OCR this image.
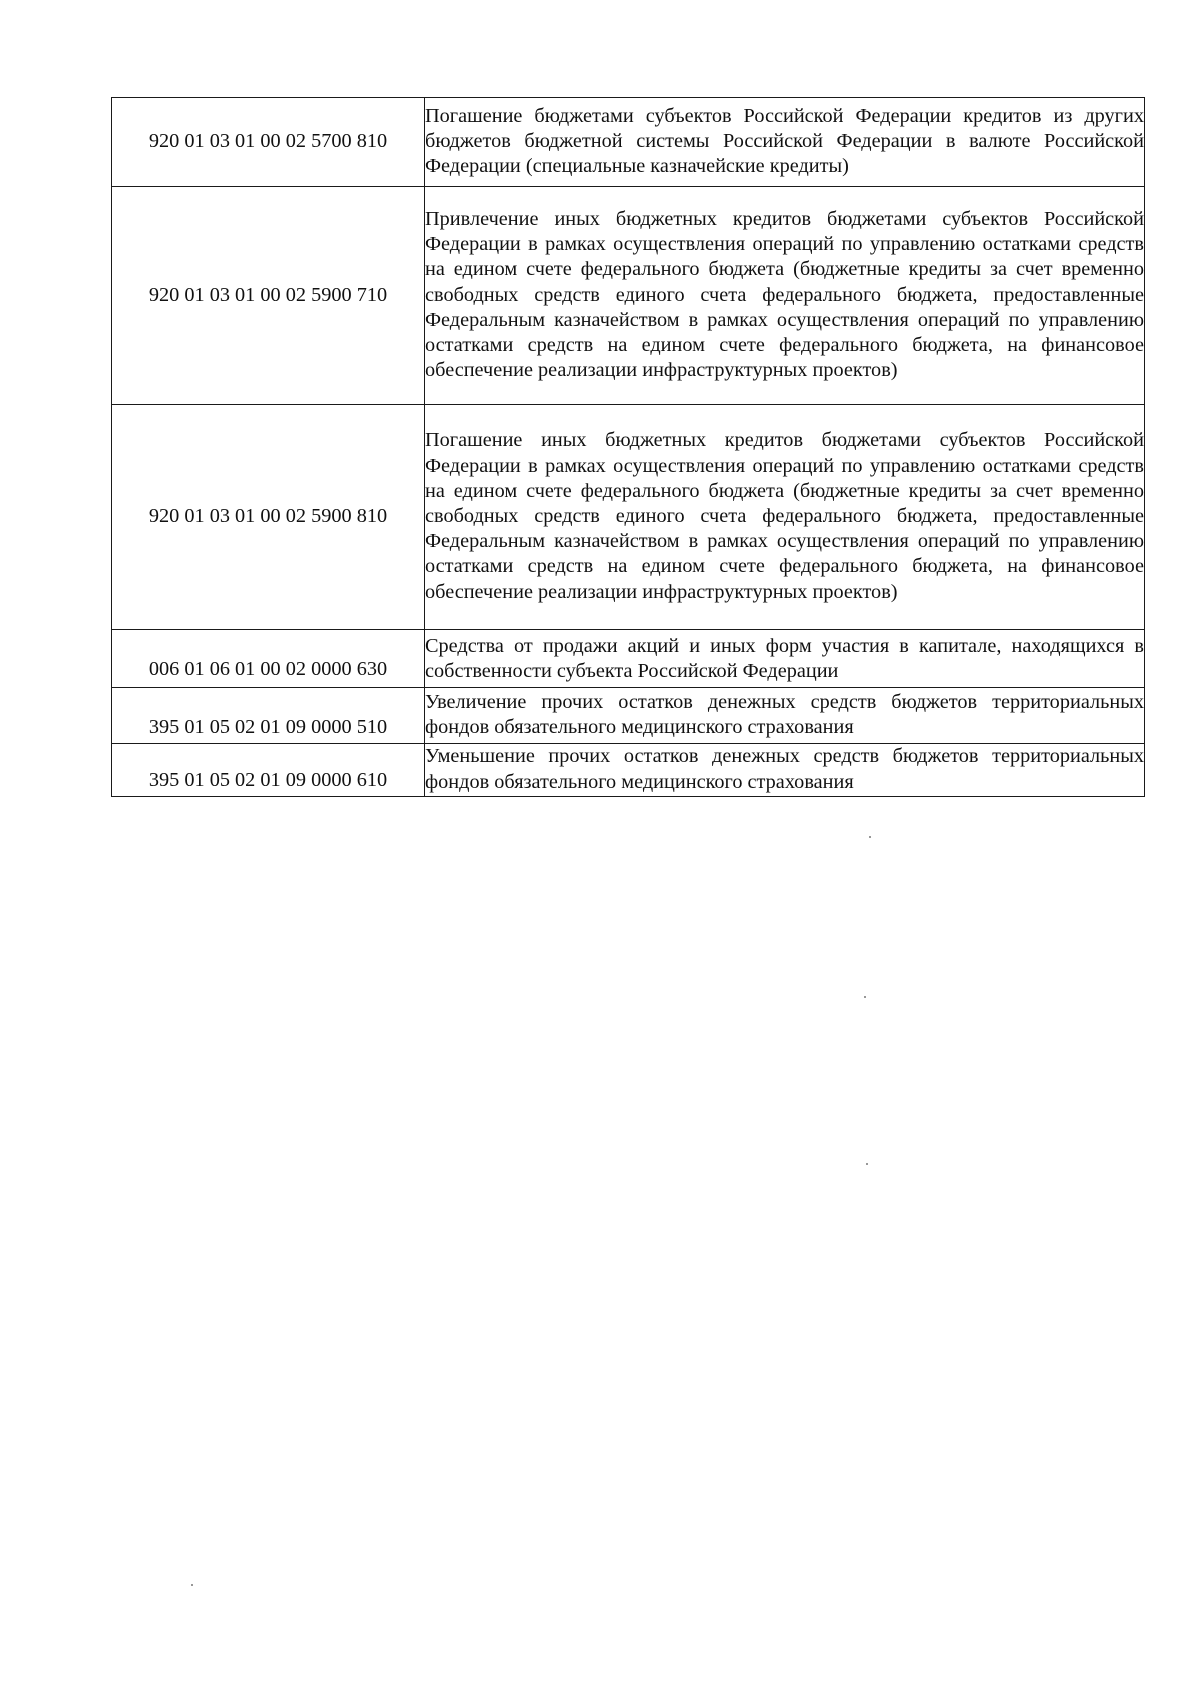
920 01 03 01 00 02 5700 810	Погашение бюджетами субъектов Российской Федерации кредитов из других бюджетов бюджетной системы Российской Федерации в валюте Российской Федерации (специальные казначейские кредиты)
920 01 03 01 00 02 5900 710	Привлечение иных бюджетных кредитов бюджетами субъектов Российской Федерации в рамках осуществления операций по управлению остатками средств на едином счете федерального бюджета (бюджетные кредиты за счет временно свободных средств единого счета федерального бюджета, предоставленные Федеральным казначейством в рамках осуществления операций по управлению остатками средств на едином счете федерального бюджета, на финансовое обеспечение реализации инфраструктурных проектов)
920 01 03 01 00 02 5900 810	Погашение иных бюджетных кредитов бюджетами субъектов Российской Федерации в рамках осуществления операций по управлению остатками средств на едином счете федерального бюджета (бюджетные кредиты за счет временно свободных средств единого счета федерального бюджета, предоставленные Федеральным казначейством в рамках осуществления операций по управлению остатками средств на едином счете федерального бюджета, на финансовое обеспечение реализации инфраструктурных проектов)
006 01 06 01 00 02 0000 630	Средства от продажи акций и иных форм участия в капитале, находящихся в собственности субъекта Российской Федерации
395 01 05 02 01 09 0000 510	Увеличение прочих остатков денежных средств бюджетов территориальных фондов обязательного медицинского страхования
395 01 05 02 01 09 0000 610	Уменьшение прочих остатков денежных средств бюджетов территориальных фондов обязательного медицинского страхования
